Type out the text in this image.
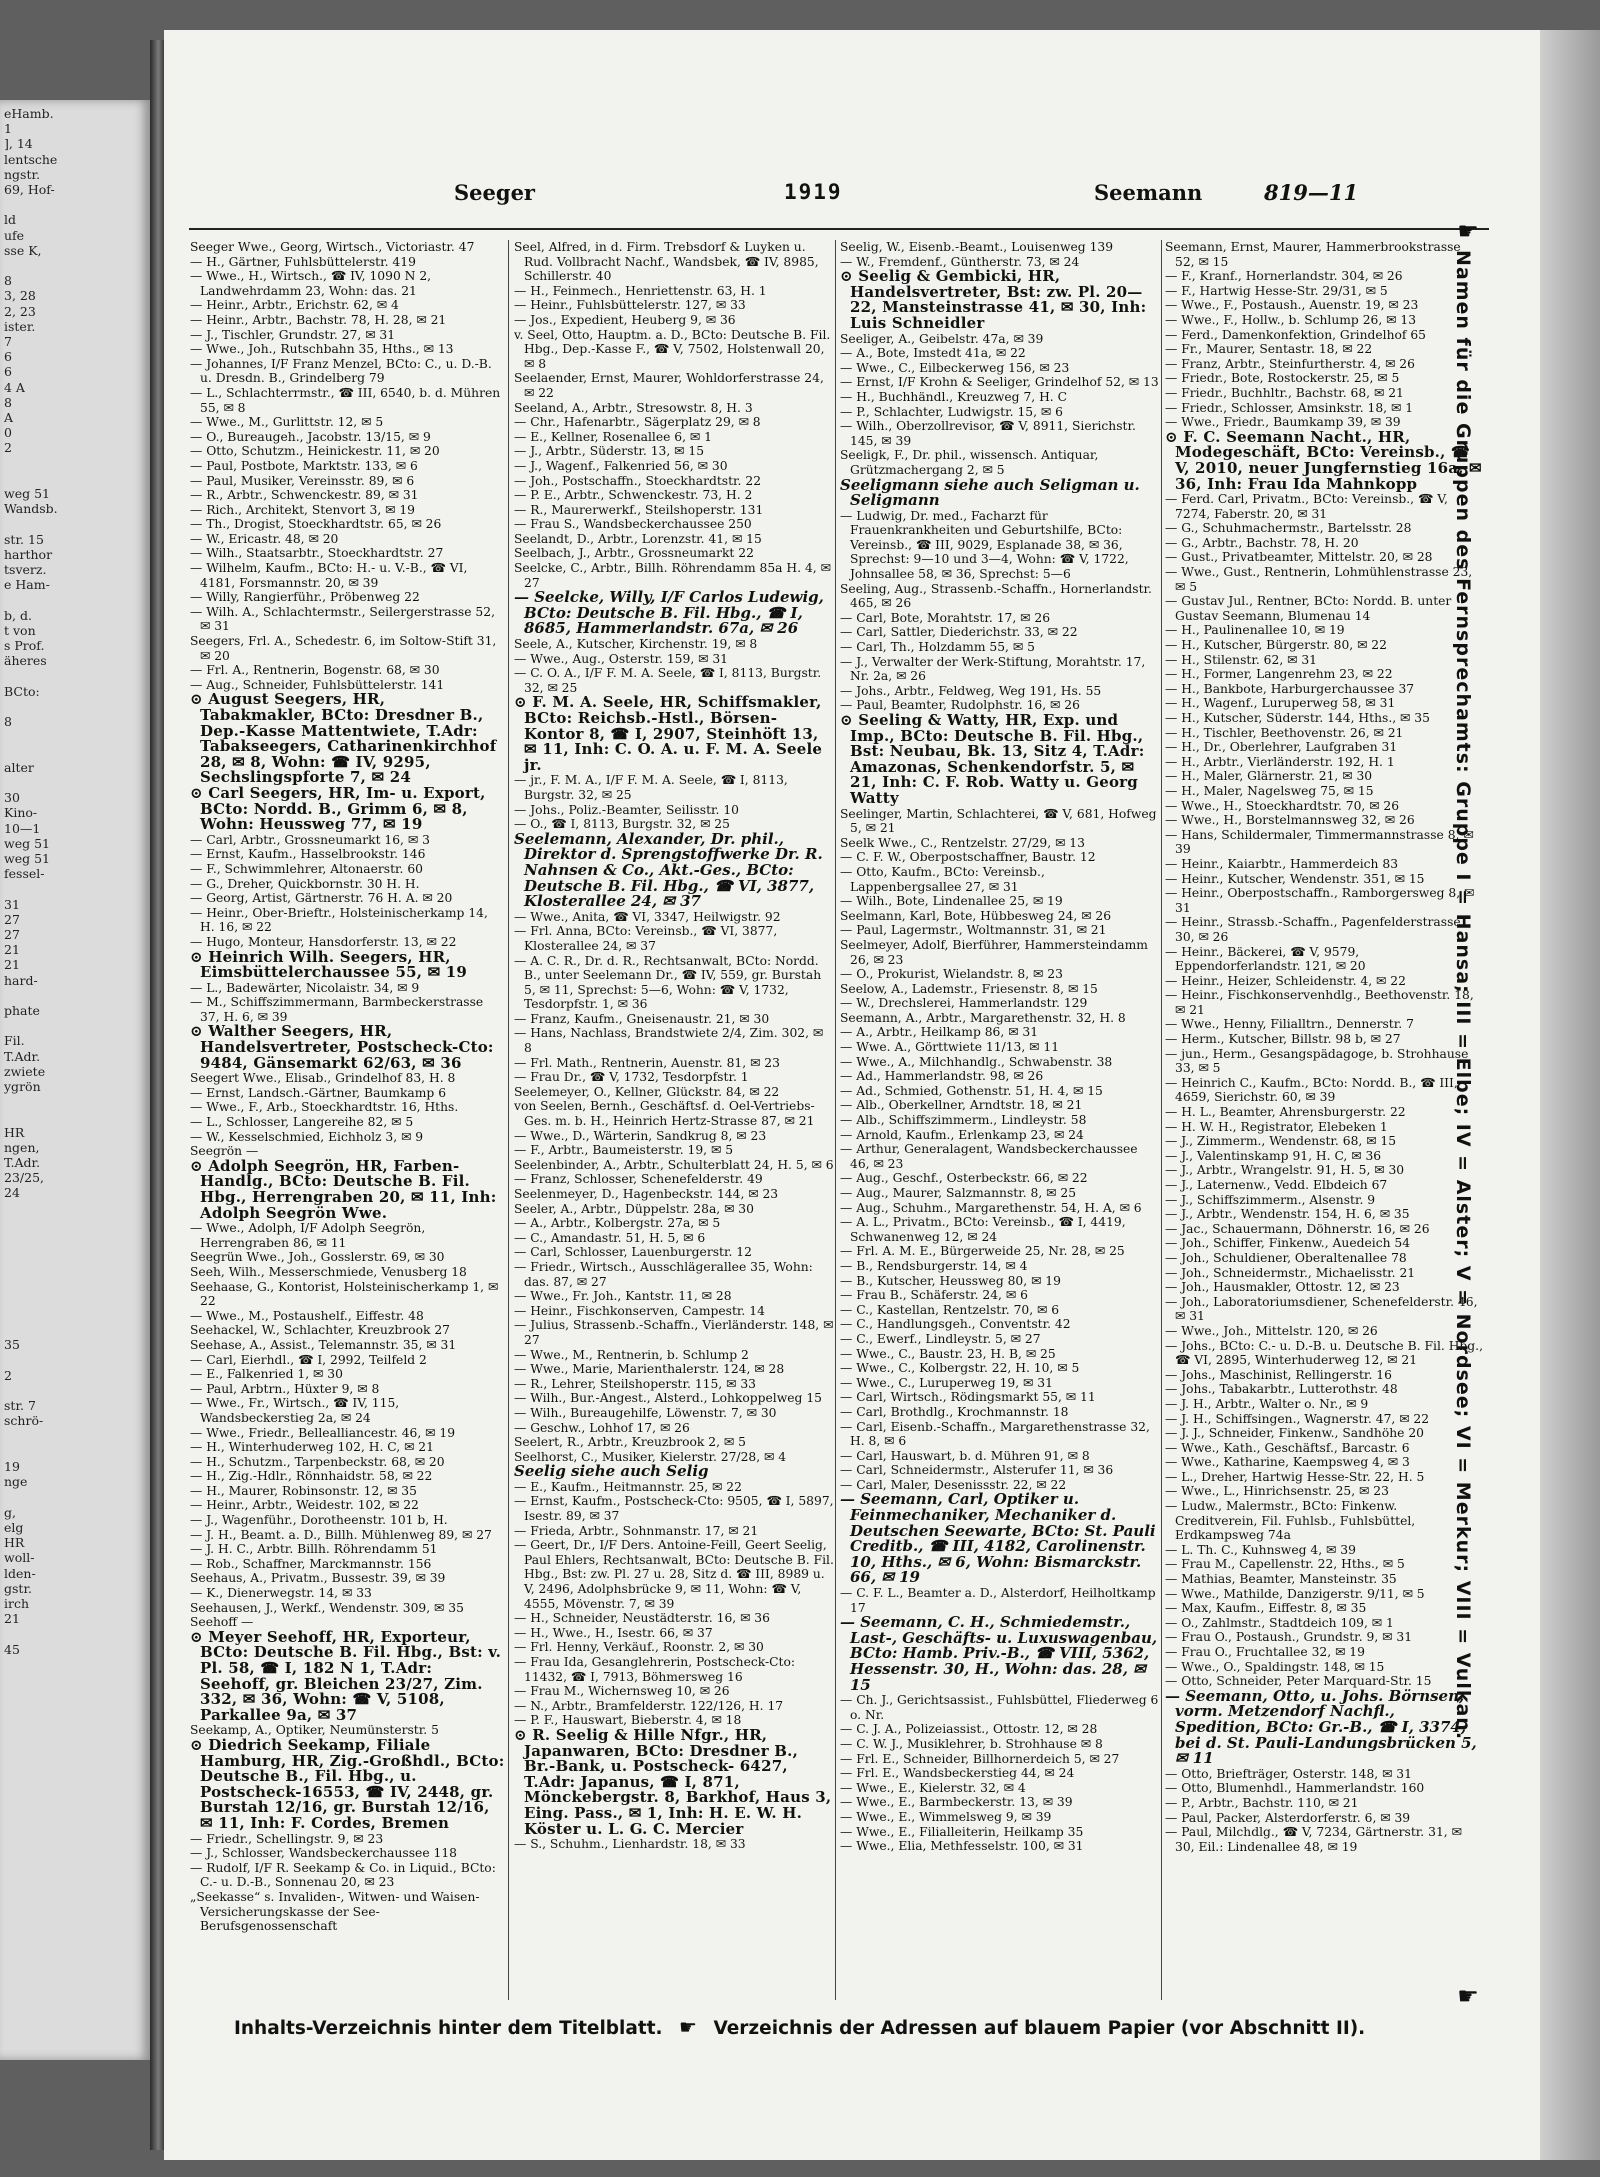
eHamb.
1
], 14
lentsche
ngstr.
69, Hof-

ld
ufe
sse K,

8
3, 28
2, 23
ister.
7
6
6
4 A
8
A
0
2

weg 51
Wandsb.

str. 15
harthor
tsverz.
e Ham-

b, d.
t von
s Prof.
äheres

BCto:

8

alter

30
Kino-
10—1
weg 51
weg 51
fessel-

31
27
27
21
21
hard-

phate

Fil.
T.Adr.
zwiete
ygrön

HR
ngen,
T.Adr.
23/25,
24

35

2

str. 7
schrö-

19
nge

g,
elg
HR
woll-
lden-
gstr.
irch
21

45
Seeger	1919	Seemann	819—11

Seeger Wwe., Georg, Wirtsch., Victoriastr. 47

— H., Gärtner, Fuhlsbüttelerstr. 419

— Wwe., H., Wirtsch., ☎ IV, 1090 N 2, Landwehrdamm 23, Wohn: das. 21

— Heinr., Arbtr., Erichstr. 62, ✉ 4

— Heinr., Arbtr., Bachstr. 78, H. 28, ✉ 21

— J., Tischler, Grundstr. 27, ✉ 31

— Wwe., Joh., Rutschbahn 35, Hths., ✉ 13

— Johannes, I/F Franz Menzel, BCto: C., u. D.-B. u. Dresdn. B., Grindelberg 79

— L., Schlachterrmstr., ☎ III, 6540, b. d. Mühren 55, ✉ 8

— Wwe., M., Gurlittstr. 12, ✉ 5

— O., Bureaugeh., Jacobstr. 13/15, ✉ 9

— Otto, Schutzm., Heinickestr. 11, ✉ 20

— Paul, Postbote, Marktstr. 133, ✉ 6

— Paul, Musiker, Vereinsstr. 89, ✉ 6

— R., Arbtr., Schwenckestr. 89, ✉ 31

— Rich., Architekt, Stenvort 3, ✉ 19

— Th., Drogist, Stoeckhardtstr. 65, ✉ 26

— W., Ericastr. 48, ✉ 20

— Wilh., Staatsarbtr., Stoeckhardtstr. 27

— Wilhelm, Kaufm., BCto: H.- u. V.-B., ☎ VI, 4181, Forsmannstr. 20, ✉ 39

— Willy, Rangierführ., Pröbenweg 22

— Wilh. A., Schlachtermstr., Seilergerstrasse 52, ✉ 31

Seegers, Frl. A., Schedestr. 6, im Soltow-Stift 31, ✉ 20

— Frl. A., Rentnerin, Bogenstr. 68, ✉ 30

— Aug., Schneider, Fuhlsbüttelerstr. 141

⊙ August Seegers, HR, Tabakmakler, BCto: Dresdner B., Dep.-Kasse Mattentwiete, T.Adr: Tabakseegers, Catharinenkirchhof 28, ✉ 8, Wohn: ☎ IV, 9295, Sechslingspforte 7, ✉ 24

⊙ Carl Seegers, HR, Im- u. Export, BCto: Nordd. B., Grimm 6, ✉ 8, Wohn: Heussweg 77, ✉ 19

— Carl, Arbtr., Grossneumarkt 16, ✉ 3

— Ernst, Kaufm., Hasselbrookstr. 146

— F., Schwimmlehrer, Altonaerstr. 60

— G., Dreher, Quickbornstr. 30 H. H.

— Georg, Artist, Gärtnerstr. 76 H. A. ✉ 20

— Heinr., Ober-Brieftr., Holsteinischerkamp 14, H. 16, ✉ 22

— Hugo, Monteur, Hansdorferstr. 13, ✉ 22

⊙ Heinrich Wilh. Seegers, HR, Eimsbüttelerchaussee 55, ✉ 19

— L., Badewärter, Nicolaistr. 34, ✉ 9

— M., Schiffszimmermann, Barmbeckerstrasse 37, H. 6, ✉ 39

⊙ Walther Seegers, HR, Handelsvertreter, Postscheck-Cto: 9484, Gänsemarkt 62/63, ✉ 36

Seegert Wwe., Elisab., Grindelhof 83, H. 8

— Ernst, Landsch.-Gärtner, Baumkamp 6

— Wwe., F., Arb., Stoeckhardtstr. 16, Hths.

— L., Schlosser, Langereihe 82, ✉ 5

— W., Kesselschmied, Eichholz 3, ✉ 9

Seegrön —

⊙ Adolph Seegrön, HR, Farben-Handlg., BCto: Deutsche B. Fil. Hbg., Herrengraben 20, ✉ 11, Inh: Adolph Seegrön Wwe.

— Wwe., Adolph, I/F Adolph Seegrön, Herrengraben 86, ✉ 11

Seegrün Wwe., Joh., Gosslerstr. 69, ✉ 30

Seeh, Wilh., Messerschmiede, Venusberg 18

Seehaase, G., Kontorist, Holsteinischerkamp 1, ✉ 22

— Wwe., M., Postaushelf., Eiffestr. 48

Seehackel, W., Schlachter, Kreuzbrook 27

Seehase, A., Assist., Telemannstr. 35, ✉ 31

— Carl, Eierhdl., ☎ I, 2992, Teilfeld 2

— E., Falkenried 1, ✉ 30

— Paul, Arbtrn., Hüxter 9, ✉ 8

— Wwe., Fr., Wirtsch., ☎ IV, 115, Wandsbeckerstieg 2a, ✉ 24

— Wwe., Friedr., Bellealliancestr. 46, ✉ 19

— H., Winterhuderweg 102, H. C, ✉ 21

— H., Schutzm., Tarpenbeckstr. 68, ✉ 20

— H., Zig.-Hdlr., Rönnhaidstr. 58, ✉ 22

— H., Maurer, Robinsonstr. 12, ✉ 35

— Heinr., Arbtr., Weidestr. 102, ✉ 22

— J., Wagenführ., Dorotheenstr. 101 b, H.

— J. H., Beamt. a. D., Billh. Mühlenweg 89, ✉ 27

— J. H. C., Arbtr. Billh. Röhrendamm 51

— Rob., Schaffner, Marckmannstr. 156

Seehaus, A., Privatm., Bussestr. 39, ✉ 39

— K., Dienerwegstr. 14, ✉ 33

Seehausen, J., Werkf., Wendenstr. 309, ✉ 35

Seehoff —

⊙ Meyer Seehoff, HR, Exporteur, BCto: Deutsche B. Fil. Hbg., Bst: v. Pl. 58, ☎ I, 182 N 1, T.Adr: Seehoff, gr. Bleichen 23/27, Zim. 332, ✉ 36, Wohn: ☎ V, 5108, Parkallee 9a, ✉ 37

Seekamp, A., Optiker, Neumünsterstr. 5

⊙ Diedrich Seekamp, Filiale Hamburg, HR, Zig.-Großhdl., BCto: Deutsche B., Fil. Hbg., u. Postscheck-16553, ☎ IV, 2448, gr. Burstah 12/16, gr. Burstah 12/16, ✉ 11, Inh: F. Cordes, Bremen

— Friedr., Schellingstr. 9, ✉ 23

— J., Schlosser, Wandsbeckerchaussee 118

— Rudolf, I/F R. Seekamp & Co. in Liquid., BCto: C.- u. D.-B., Sonnenau 20, ✉ 23

„Seekasse“ s. Invaliden-, Witwen- und Waisen-Versicherungskasse der See-Berufsgenossenschaft

Seel, Alfred, in d. Firm. Trebsdorf & Luyken u. Rud. Vollbracht Nachf., Wandsbek, ☎ IV, 8985, Schillerstr. 40

— H., Feinmech., Henriettenstr. 63, H. 1

— Heinr., Fuhlsbüttelerstr. 127, ✉ 33

— Jos., Expedient, Heuberg 9, ✉ 36

v. Seel, Otto, Hauptm. a. D., BCto: Deutsche B. Fil. Hbg., Dep.-Kasse F., ☎ V, 7502, Holstenwall 20, ✉ 8

Seelaender, Ernst, Maurer, Wohldorferstrasse 24, ✉ 22

Seeland, A., Arbtr., Stresowstr. 8, H. 3

— Chr., Hafenarbtr., Sägerplatz 29, ✉ 8

— E., Kellner, Rosenallee 6, ✉ 1

— J., Arbtr., Süderstr. 13, ✉ 15

— J., Wagenf., Falkenried 56, ✉ 30

— Joh., Postschaffn., Stoeckhardtstr. 22

— P. E., Arbtr., Schwenckestr. 73, H. 2

— R., Maurerwerkf., Steilshoperstr. 131

— Frau S., Wandsbeckerchaussee 250

Seelandt, D., Arbtr., Lorenzstr. 41, ✉ 15

Seelbach, J., Arbtr., Grossneumarkt 22

Seelcke, C., Arbtr., Billh. Röhrendamm 85a H. 4, ✉ 27

— Seelcke, Willy, I/F Carlos Ludewig, BCto: Deutsche B. Fil. Hbg., ☎ I, 8685, Hammerlandstr. 67a, ✉ 26

Seele, A., Kutscher, Kirchenstr. 19, ✉ 8

— Wwe., Aug., Osterstr. 159, ✉ 31

— C. O. A., I/F F. M. A. Seele, ☎ I, 8113, Burgstr. 32, ✉ 25

⊙ F. M. A. Seele, HR, Schiffsmakler, BCto: Reichsb.-Hstl., Börsen-Kontor 8, ☎ I, 2907, Steinhöft 13, ✉ 11, Inh: C. O. A. u. F. M. A. Seele jr.

— jr., F. M. A., I/F F. M. A. Seele, ☎ I, 8113, Burgstr. 32, ✉ 25

— Johs., Poliz.-Beamter, Seilisstr. 10

— O., ☎ I, 8113, Burgstr. 32, ✉ 25

Seelemann, Alexander, Dr. phil., Direktor d. Sprengstoffwerke Dr. R. Nahnsen & Co., Akt.-Ges., BCto: Deutsche B. Fil. Hbg., ☎ VI, 3877, Klosterallee 24, ✉ 37

— Wwe., Anita, ☎ VI, 3347, Heilwigstr. 92

— Frl. Anna, BCto: Vereinsb., ☎ VI, 3877, Klosterallee 24, ✉ 37

— A. C. R., Dr. d. R., Rechtsanwalt, BCto: Nordd. B., unter Seelemann Dr., ☎ IV, 559, gr. Burstah 5, ✉ 11, Sprechst: 5—6, Wohn: ☎ V, 1732, Tesdorpfstr. 1, ✉ 36

— Franz, Kaufm., Gneisenaustr. 21, ✉ 30

— Hans, Nachlass, Brandstwiete 2/4, Zim. 302, ✉ 8

— Frl. Math., Rentnerin, Auenstr. 81, ✉ 23

— Frau Dr., ☎ V, 1732, Tesdorpfstr. 1

Seelemeyer, O., Kellner, Glückstr. 84, ✉ 22

von Seelen, Bernh., Geschäftsf. d. Oel-Vertriebs-Ges. m. b. H., Heinrich Hertz-Strasse 87, ✉ 21

— Wwe., D., Wärterin, Sandkrug 8, ✉ 23

— F., Arbtr., Baumeisterstr. 19, ✉ 5

Seelenbinder, A., Arbtr., Schulterblatt 24, H. 5, ✉ 6

— Franz, Schlosser, Schenefelderstr. 49

Seelenmeyer, D., Hagenbeckstr. 144, ✉ 23

Seeler, A., Arbtr., Düppelstr. 28a, ✉ 30

— A., Arbtr., Kolbergstr. 27a, ✉ 5

— C., Amandastr. 51, H. 5, ✉ 6

— Carl, Schlosser, Lauenburgerstr. 12

— Friedr., Wirtsch., Ausschlägerallee 35, Wohn: das. 87, ✉ 27

— Wwe., Fr. Joh., Kantstr. 11, ✉ 28

— Heinr., Fischkonserven, Campestr. 14

— Julius, Strassenb.-Schaffn., Vierländerstr. 148, ✉ 27

— Wwe., M., Rentnerin, b. Schlump 2

— Wwe., Marie, Marienthalerstr. 124, ✉ 28

— R., Lehrer, Steilshoperstr. 115, ✉ 33

— Wilh., Bur.-Angest., Alsterd., Lohkoppelweg 15

— Wilh., Bureaugehilfe, Löwenstr. 7, ✉ 30

— Geschw., Lohhof 17, ✉ 26

Seelert, R., Arbtr., Kreuzbrook 2, ✉ 5

Seelhorst, C., Musiker, Kielerstr. 27/28, ✉ 4

Seelig siehe auch Selig

— E., Kaufm., Heitmannstr. 25, ✉ 22

— Ernst, Kaufm., Postscheck-Cto: 9505, ☎ I, 5897, Isestr. 89, ✉ 37

— Frieda, Arbtr., Sohnmanstr. 17, ✉ 21

— Geert, Dr., I/F Ders. Antoine-Feill, Geert Seelig, Paul Ehlers, Rechtsanwalt, BCto: Deutsche B. Fil. Hbg., Bst: zw. Pl. 27 u. 28, Sitz d. ☎ III, 8989 u. V, 2496, Adolphsbrücke 9, ✉ 11, Wohn: ☎ V, 4555, Mövenstr. 7, ✉ 39

— H., Schneider, Neustädterstr. 16, ✉ 36

— H., Wwe., H., Isestr. 66, ✉ 37

— Frl. Henny, Verkäuf., Roonstr. 2, ✉ 30

— Frau Ida, Gesanglehrerin, Postscheck-Cto: 11432, ☎ I, 7913, Böhmersweg 16

— Frau M., Wichernsweg 10, ✉ 26

— N., Arbtr., Bramfelderstr. 122/126, H. 17

— P. F., Hauswart, Bieberstr. 4, ✉ 18

⊙ R. Seelig & Hille Nfgr., HR, Japanwaren, BCto: Dresdner B., Br.-Bank, u. Postscheck- 6427, T.Adr: Japanus, ☎ I, 871, Mönckebergstr. 8, Barkhof, Haus 3, Eing. Pass., ✉ 1, Inh: H. E. W. H. Köster u. L. G. C. Mercier

— S., Schuhm., Lienhardstr. 18, ✉ 33

Seelig, W., Eisenb.-Beamt., Louisenweg 139

— W., Fremdenf., Güntherstr. 73, ✉ 24

⊙ Seelig & Gembicki, HR, Handelsvertreter, Bst: zw. Pl. 20—22, Mansteinstrasse 41, ✉ 30, Inh: Luis Schneidler

Seeliger, A., Geibelstr. 47a, ✉ 39

— A., Bote, Imstedt 41a, ✉ 22

— Wwe., C., Eilbeckerweg 156, ✉ 23

— Ernst, I/F Krohn & Seeliger, Grindelhof 52, ✉ 13

— H., Buchhändl., Kreuzweg 7, H. C

— P., Schlachter, Ludwigstr. 15, ✉ 6

— Wilh., Oberzollrevisor, ☎ V, 8911, Sierichstr. 145, ✉ 39

Seeligk, F., Dr. phil., wissensch. Antiquar, Grützmachergang 2, ✉ 5

Seeligmann siehe auch Seligman u. Seligmann

— Ludwig, Dr. med., Facharzt für Frauenkrankheiten und Geburtshilfe, BCto: Vereinsb., ☎ III, 9029, Esplanade 38, ✉ 36, Sprechst: 9—10 und 3—4, Wohn: ☎ V, 1722, Johnsallee 58, ✉ 36, Sprechst: 5—6

Seeling, Aug., Strassenb.-Schaffn., Hornerlandstr. 465, ✉ 26

— Carl, Bote, Morahtstr. 17, ✉ 26

— Carl, Sattler, Diederichstr. 33, ✉ 22

— Carl, Th., Holzdamm 55, ✉ 5

— J., Verwalter der Werk-Stiftung, Morahtstr. 17, Nr. 2a, ✉ 26

— Johs., Arbtr., Feldweg, Weg 191, Hs. 55

— Paul, Beamter, Rudolphstr. 16, ✉ 26

⊙ Seeling & Watty, HR, Exp. und Imp., BCto: Deutsche B. Fil. Hbg., Bst: Neubau, Bk. 13, Sitz 4, T.Adr: Amazonas, Schenkendorfstr. 5, ✉ 21, Inh: C. F. Rob. Watty u. Georg Watty

Seelinger, Martin, Schlachterei, ☎ V, 681, Hofweg 5, ✉ 21

Seelk Wwe., C., Rentzelstr. 27/29, ✉ 13

— C. F. W., Oberpostschaffner, Baustr. 12

— Otto, Kaufm., BCto: Vereinsb., Lappenbergsallee 27, ✉ 31

— Wilh., Bote, Lindenallee 25, ✉ 19

Seelmann, Karl, Bote, Hübbesweg 24, ✉ 26

— Paul, Lagermstr., Woltmannstr. 31, ✉ 21

Seelmeyer, Adolf, Bierführer, Hammersteindamm 26, ✉ 23

— O., Prokurist, Wielandstr. 8, ✉ 23

Seelow, A., Lademstr., Friesenstr. 8, ✉ 15

— W., Drechslerei, Hammerlandstr. 129

Seemann, A., Arbtr., Margarethenstr. 32, H. 8

— A., Arbtr., Heilkamp 86, ✉ 31

— Wwe. A., Görttwiete 11/13, ✉ 11

— Wwe., A., Milchhandlg., Schwabenstr. 38

— Ad., Hammerlandstr. 98, ✉ 26

— Ad., Schmied, Gothenstr. 51, H. 4, ✉ 15

— Alb., Oberkellner, Arndtstr. 18, ✉ 21

— Alb., Schiffszimmerm., Lindleystr. 58

— Arnold, Kaufm., Erlenkamp 23, ✉ 24

— Arthur, Generalagent, Wandsbeckerchaussee 46, ✉ 23

— Aug., Geschf., Osterbeckstr. 66, ✉ 22

— Aug., Maurer, Salzmannstr. 8, ✉ 25

— Aug., Schuhm., Margarethenstr. 54, H. A, ✉ 6

— A. L., Privatm., BCto: Vereinsb., ☎ I, 4419, Schwanenweg 12, ✉ 24

— Frl. A. M. E., Bürgerweide 25, Nr. 28, ✉ 25

— B., Rendsburgerstr. 14, ✉ 4

— B., Kutscher, Heussweg 80, ✉ 19

— Frau B., Schäferstr. 24, ✉ 6

— C., Kastellan, Rentzelstr. 70, ✉ 6

— C., Handlungsgeh., Conventstr. 42

— C., Ewerf., Lindleystr. 5, ✉ 27

— Wwe., C., Baustr. 23, H. B, ✉ 25

— Wwe., C., Kolbergstr. 22, H. 10, ✉ 5

— Wwe., C., Luruperweg 19, ✉ 31

— Carl, Wirtsch., Rödingsmarkt 55, ✉ 11

— Carl, Brothdlg., Krochmannstr. 18

— Carl, Eisenb.-Schaffn., Margarethenstrasse 32, H. 8, ✉ 6

— Carl, Hauswart, b. d. Mühren 91, ✉ 8

— Carl, Schneidermstr., Alsterufer 11, ✉ 36

— Carl, Maler, Desenissstr. 22, ✉ 22

— Seemann, Carl, Optiker u. Feinmechaniker, Mechaniker d. Deutschen Seewarte, BCto: St. Pauli Creditb., ☎ III, 4182, Carolinenstr. 10, Hths., ✉ 6, Wohn: Bismarckstr. 66, ✉ 19

— C. F. L., Beamter a. D., Alsterdorf, Heilholtkamp 17

— Seemann, C. H., Schmiedemstr., Last-, Geschäfts- u. Luxuswagenbau, BCto: Hamb. Priv.-B., ☎ VIII, 5362, Hessenstr. 30, H., Wohn: das. 28, ✉ 15

— Ch. J., Gerichtsassist., Fuhlsbüttel, Fliederweg 6 o. Nr.

— C. J. A., Polizeiassist., Ottostr. 12, ✉ 28

— C. W. J., Musiklehrer, b. Strohhause ✉ 8

— Frl. E., Schneider, Billhornerdeich 5, ✉ 27

— Frl. E., Wandsbeckerstieg 44, ✉ 24

— Wwe., E., Kielerstr. 32, ✉ 4

— Wwe., E., Barmbeckerstr. 13, ✉ 39

— Wwe., E., Wimmelsweg 9, ✉ 39

— Wwe., E., Filialleiterin, Heilkamp 35

— Wwe., Elia, Methfesselstr. 100, ✉ 31

Seemann, Ernst, Maurer, Hammerbrookstrasse 52, ✉ 15

— F., Kranf., Hornerlandstr. 304, ✉ 26

— F., Hartwig Hesse-Str. 29/31, ✉ 5

— Wwe., F., Postaush., Auenstr. 19, ✉ 23

— Wwe., F., Hollw., b. Schlump 26, ✉ 13

— Ferd., Damenkonfektion, Grindelhof 65

— Fr., Maurer, Sentastr. 18, ✉ 22

— Franz, Arbtr., Steinfurtherstr. 4, ✉ 26

— Friedr., Bote, Rostockerstr. 25, ✉ 5

— Friedr., Buchhltr., Bachstr. 68, ✉ 21

— Friedr., Schlosser, Amsinkstr. 18, ✉ 1

— Wwe., Friedr., Baumkamp 39, ✉ 39

⊙ F. C. Seemann Nacht., HR, Modegeschäft, BCto: Vereinsb., ☎ V, 2010, neuer Jungfernstieg 16a, ✉ 36, Inh: Frau Ida Mahnkopp

— Ferd. Carl, Privatm., BCto: Vereinsb., ☎ V, 7274, Faberstr. 20, ✉ 31

— G., Schuhmachermstr., Bartelsstr. 28

— G., Arbtr., Bachstr. 78, H. 20

— Gust., Privatbeamter, Mittelstr. 20, ✉ 28

— Wwe., Gust., Rentnerin, Lohmühlenstrasse 23, ✉ 5

— Gustav Jul., Rentner, BCto: Nordd. B. unter Gustav Seemann, Blumenau 14

— H., Paulinenallee 10, ✉ 19

— H., Kutscher, Bürgerstr. 80, ✉ 22

— H., Stilenstr. 62, ✉ 31

— H., Former, Langenrehm 23, ✉ 22

— H., Bankbote, Harburgerchaussee 37

— H., Wagenf., Luruperweg 58, ✉ 31

— H., Kutscher, Süderstr. 144, Hths., ✉ 35

— H., Tischler, Beethovenstr. 26, ✉ 21

— H., Dr., Oberlehrer, Laufgraben 31

— H., Arbtr., Vierländerstr. 192, H. 1

— H., Maler, Glärnerstr. 21, ✉ 30

— H., Maler, Nagelsweg 75, ✉ 15

— Wwe., H., Stoeckhardtstr. 70, ✉ 26

— Wwe., H., Borstelmannsweg 32, ✉ 26

— Hans, Schildermaler, Timmermannstrasse 8, ✉ 39

— Heinr., Kaiarbtr., Hammerdeich 83

— Heinr., Kutscher, Wendenstr. 351, ✉ 15

— Heinr., Oberpostschaffn., Ramborgersweg 8, ✉ 31

— Heinr., Strassb.-Schaffn., Pagenfelderstrasse 30, ✉ 26

— Heinr., Bäckerei, ☎ V, 9579, Eppendorferlandstr. 121, ✉ 20

— Heinr., Heizer, Schleidenstr. 4, ✉ 22

— Heinr., Fischkonservenhdlg., Beethovenstr. 18, ✉ 21

— Wwe., Henny, Filialltrn., Dennerstr. 7

— Herm., Kutscher, Billstr. 98 b, ✉ 27

— jun., Herm., Gesangspädagoge, b. Strohhause 33, ✉ 5

— Heinrich C., Kaufm., BCto: Nordd. B., ☎ III, 4659, Sierichstr. 60, ✉ 39

— H. L., Beamter, Ahrensburgerstr. 22

— H. W. H., Registrator, Elebeken 1

— J., Zimmerm., Wendenstr. 68, ✉ 15

— J., Valentinskamp 91, H. C, ✉ 36

— J., Arbtr., Wrangelstr. 91, H. 5, ✉ 30

— J., Laternenw., Vedd. Elbdeich 67

— J., Schiffszimmerm., Alsenstr. 9

— J., Arbtr., Wendenstr. 154, H. 6, ✉ 35

— Jac., Schauermann, Döhnerstr. 16, ✉ 26

— Joh., Schiffer, Finkenw., Auedeich 54

— Joh., Schuldiener, Oberaltenallee 78

— Joh., Schneidermstr., Michaelisstr. 21

— Joh., Hausmakler, Ottostr. 12, ✉ 23

— Joh., Laboratoriumsdiener, Schenefelderstr. 46, ✉ 31

— Wwe., Joh., Mittelstr. 120, ✉ 26

— Johs., BCto: C.- u. D.-B. u. Deutsche B. Fil. Hbg., ☎ VI, 2895, Winterhuderweg 12, ✉ 21

— Johs., Maschinist, Rellingerstr. 16

— Johs., Tabakarbtr., Lutterothstr. 48

— J. H., Arbtr., Walter o. Nr., ✉ 9

— J. H., Schiffsingen., Wagnerstr. 47, ✉ 22

— J. J., Schneider, Finkenw., Sandhöhe 20

— Wwe., Kath., Geschäftsf., Barcastr. 6

— Wwe., Katharine, Kaempsweg 4, ✉ 3

— L., Dreher, Hartwig Hesse-Str. 22, H. 5

— Wwe., L., Hinrichsenstr. 25, ✉ 23

— Ludw., Malermstr., BCto: Finkenw. Creditverein, Fil. Fuhlsb., Fuhlsbüttel, Erdkampsweg 74a

— L. Th. C., Kuhnsweg 4, ✉ 39

— Frau M., Capellenstr. 22, Hths., ✉ 5

— Mathias, Beamter, Mansteinstr. 35

— Wwe., Mathilde, Danzigerstr. 9/11, ✉ 5

— Max, Kaufm., Eiffestr. 8, ✉ 35

— O., Zahlmstr., Stadtdeich 109, ✉ 1

— Frau O., Postaush., Grundstr. 9, ✉ 31

— Frau O., Fruchtallee 32, ✉ 19

— Wwe., O., Spaldingstr. 148, ✉ 15

— Otto, Schneider, Peter Marquard-Str. 15

— Seemann, Otto, u. Johs. Börnsen, vorm. Metzendorf Nachfl., Spedition, BCto: Gr.-B., ☎ I, 3374, bei d. St. Pauli-Landungsbrücken 5, ✉ 11

— Otto, Briefträger, Osterstr. 148, ✉ 31

— Otto, Blumenhdl., Hammerlandstr. 160

— P., Arbtr., Bachstr. 110, ✉ 21

— Paul, Packer, Alsterdorferstr. 6, ✉ 39

— Paul, Milchdlg., ☎ V, 7234, Gärtnerstr. 31, ✉ 30, Eil.: Lindenallee 48, ✉ 19

☛
Namen für die Gruppen des Fernsprechamts: Gruppe I = Hansa; III = Elbe; IV = Alster; V = Nordsee; VI = Merkur; VIII = Vulkan.
☛
Inhalts-Verzeichnis hinter dem Titelblatt. ☛ Verzeichnis der Adressen auf blauem Papier (vor Abschnitt II).
